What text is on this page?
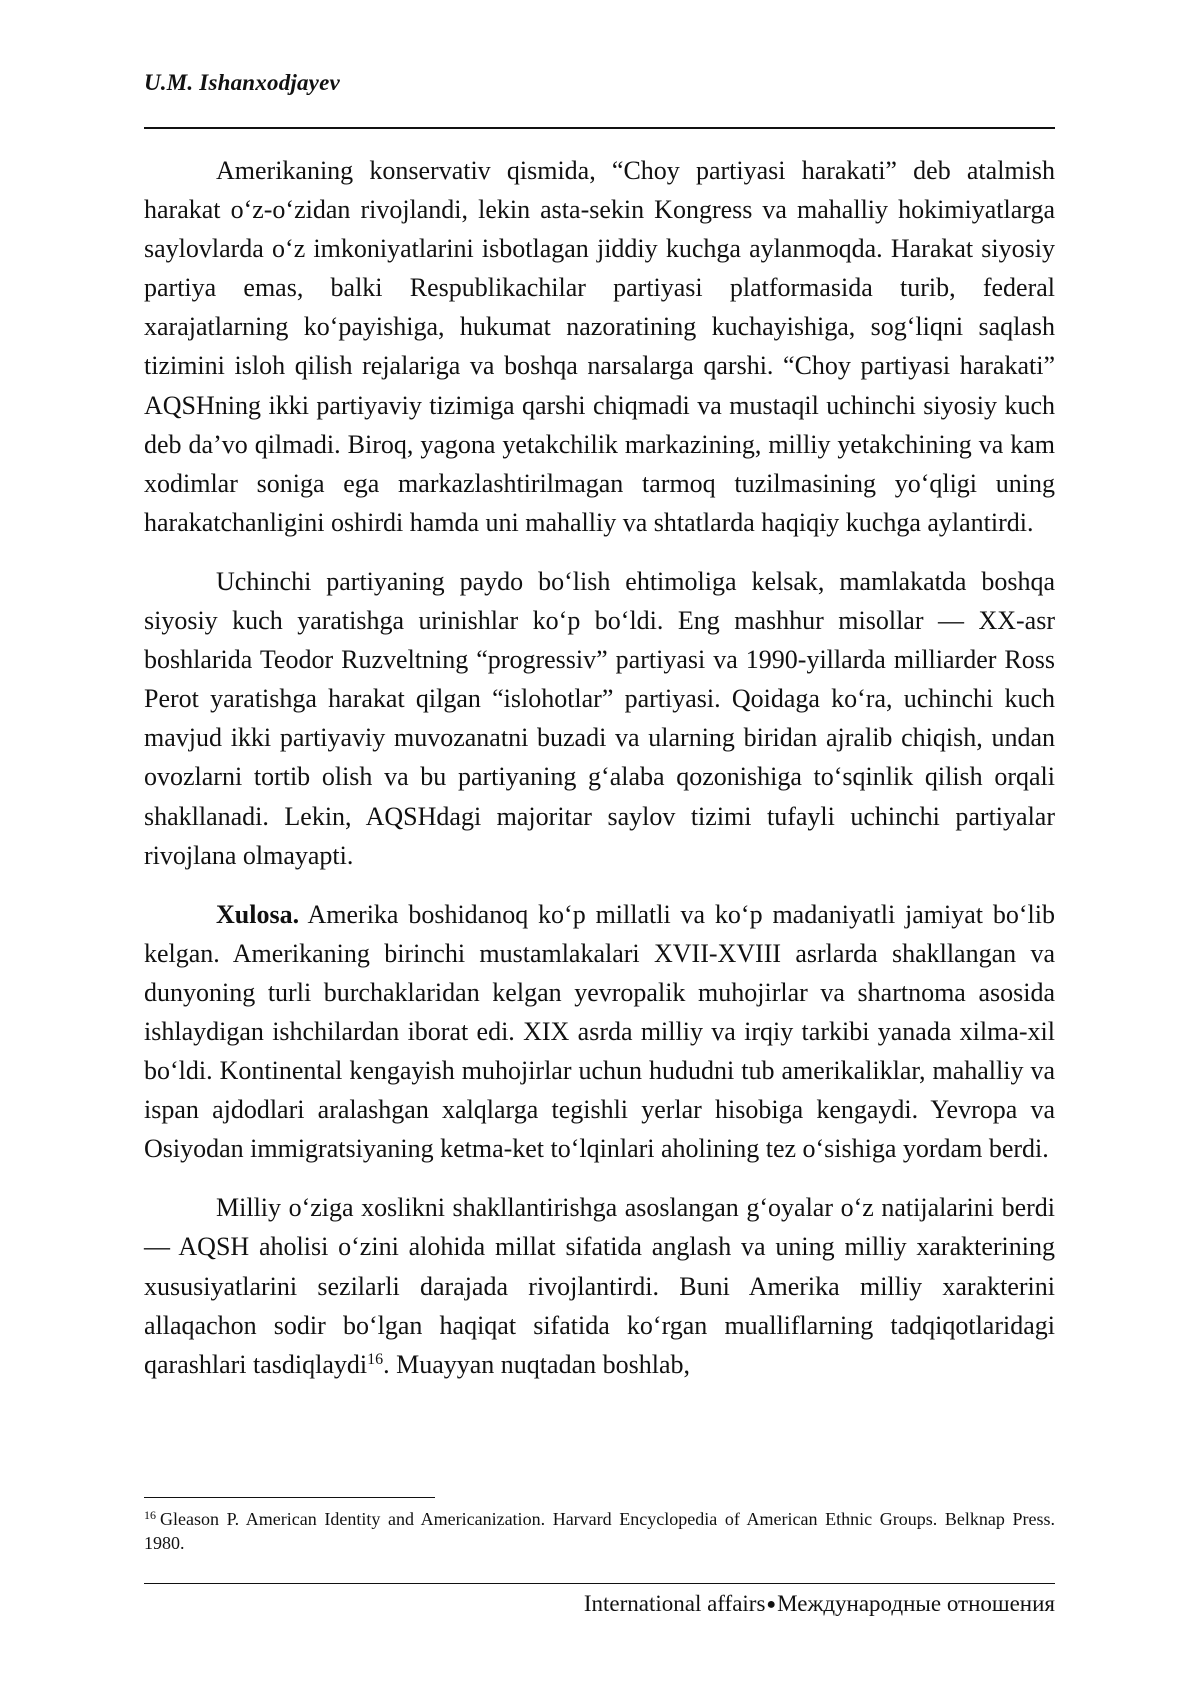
U.M. Ishanxodjayev

Amerikaning konservativ qismida, “Choy partiyasi harakati” deb atalmish harakat o‘z-o‘zidan rivojlandi, lekin asta-sekin Kongress va mahalliy hokimiyatlarga saylovlarda o‘z imkoniyatlarini isbotlagan jiddiy kuchga aylanmoqda. Harakat siyosiy partiya emas, balki Respublikachilar partiyasi platformasida turib, federal xarajatlarning ko‘payishiga, hukumat nazoratining kuchayishiga, sog‘liqni saqlash tizimini isloh qilish rejalariga va boshqa narsalarga qarshi. “Choy partiyasi harakati” AQSHning ikki partiyaviy tizimiga qarshi chiqmadi va mustaqil uchinchi siyosiy kuch deb da’vo qilmadi. Biroq, yagona yetakchilik markazining, milliy yetakchining va kam xodimlar soniga ega markazlashtirilmagan tarmoq tuzilmasining yo‘qligi uning harakatchanligini oshirdi hamda uni mahalliy va shtatlarda haqiqiy kuchga aylantirdi.

Uchinchi partiyaning paydo bo‘lish ehtimoliga kelsak, mamlakatda boshqa siyosiy kuch yaratishga urinishlar ko‘p bo‘ldi. Eng mashhur misollar — XX-asr boshlarida Teodor Ruzveltning “progressiv” partiyasi va 1990-yillarda milliarder Ross Perot yaratishga harakat qilgan “islohotlar” partiyasi. Qoidaga ko‘ra, uchinchi kuch mavjud ikki partiyaviy muvozanatni buzadi va ularning biridan ajralib chiqish, undan ovozlarni tortib olish va bu partiyaning g‘alaba qozonishiga to‘sqinlik qilish orqali shakllanadi. Lekin, AQSHdagi majoritar saylov tizimi tufayli uchinchi partiyalar rivojlana olmayapti.

Xulosa. Amerika boshidanoq ko‘p millatli va ko‘p madaniyatli jamiyat bo‘lib kelgan. Amerikaning birinchi mustamlakalari XVII-XVIII asrlarda shakllangan va dunyoning turli burchaklaridan kelgan yevropalik muhojirlar va shartnoma asosida ishlaydigan ishchilardan iborat edi. XIX asrda milliy va irqiy tarkibi yanada xilma-xil bo‘ldi. Kontinental kengayish muhojirlar uchun hududni tub amerikaliklar, mahalliy va ispan ajdodlari aralashgan xalqlarga tegishli yerlar hisobiga kengaydi. Yevropa va Osiyodan immigratsiyaning ketma-ket to‘lqinlari aholining tez o‘sishiga yordam berdi.

Milliy o‘ziga xoslikni shakllantirishga asoslangan g‘oyalar o‘z natijalarini berdi — AQSH aholisi o‘zini alohida millat sifatida anglash va uning milliy xarakterining xususiyatlarini sezilarli darajada rivojlantirdi. Buni Amerika milliy xarakterini allaqachon sodir bo‘lgan haqiqat sifatida ko‘rgan mualliflarning tadqiqotlaridagi qarashlari tasdiqlaydi$^{16}$. Muayyan nuqtadan boshlab,

$^{16}$ Gleason P. American Identity and Americanization. Harvard Encyclopedia of American Ethnic Groups. Belknap Press. 1980.
International affairs●Международные отношения
